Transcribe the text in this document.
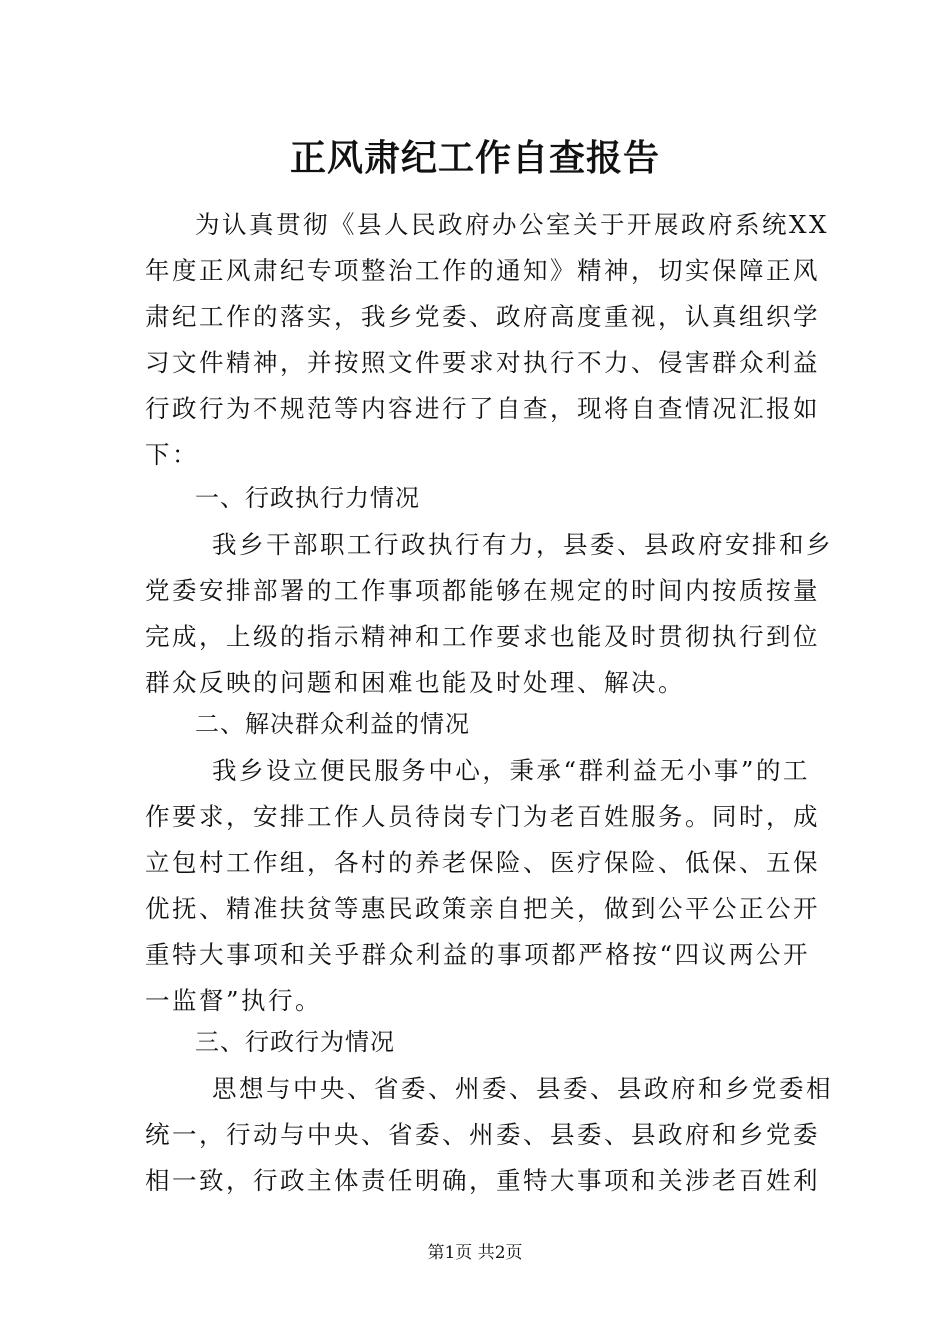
正风肃纪工作自查报告
为认真贯彻《县人民政府办公室关于开展政府系统XX
年度正风肃纪专项整治工作的通知》精神，切实保障正风
肃纪工作的落实，我乡党委、政府高度重视，认真组织学
习文件精神，并按照文件要求对执行不力、侵害群众利益
行政行为不规范等内容进行了自查，现将自查情况汇报如
下：
一、行政执行力情况
我乡干部职工行政执行有力，县委、县政府安排和乡
党委安排部署的工作事项都能够在规定的时间内按质按量
完成，上级的指示精神和工作要求也能及时贯彻执行到位
群众反映的问题和困难也能及时处理、解决。
二、解决群众利益的情况
我乡设立便民服务中心，秉承“群利益无小事”的工
作要求，安排工作人员待岗专门为老百姓服务。同时，成
立包村工作组，各村的养老保险、医疗保险、低保、五保
优抚、精准扶贫等惠民政策亲自把关，做到公平公正公开
重特大事项和关乎群众利益的事项都严格按“四议两公开
一监督”执行。
三、行政行为情况
思想与中央、省委、州委、县委、县政府和乡党委相
统一，行动与中央、省委、州委、县委、县政府和乡党委
相一致，行政主体责任明确，重特大事项和关涉老百姓利
第1页 共2页
